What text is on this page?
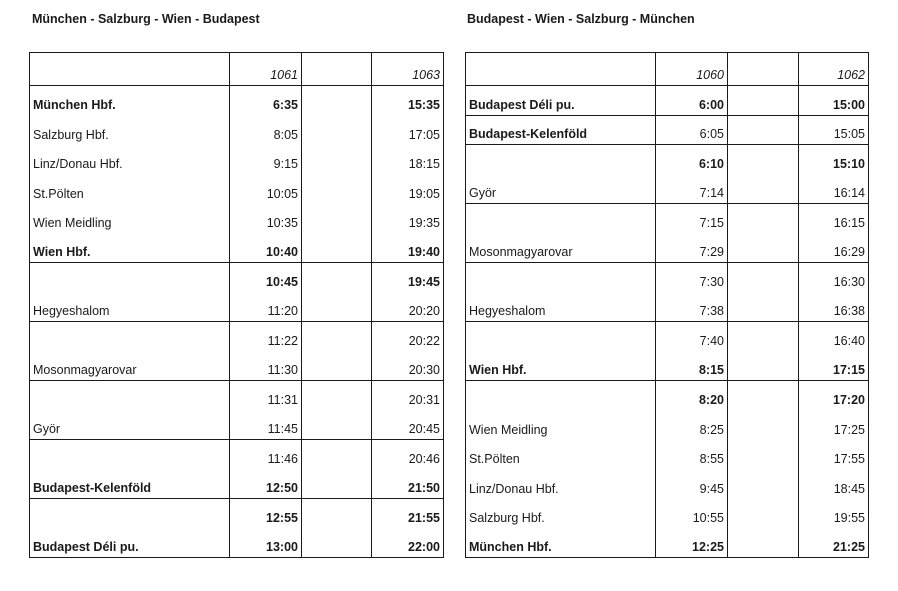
München - Salzburg - Wien - Budapest	Budapest - Wien - Salzburg - München
	1061		1063
München Hbf.	6:35		15:35
Salzburg Hbf.	8:05		17:05
Linz/Donau Hbf.	9:15		18:15
St.Pölten	10:05		19:05
Wien Meidling	10:35		19:35
Wien Hbf.	10:40		19:40
	10:45		19:45
Hegyeshalom	11:20		20:20
	11:22		20:22
Mosonmagyarovar	11:30		20:30
	11:31		20:31
Györ	11:45		20:45
	11:46		20:46
Budapest-Kelenföld	12:50		21:50
	12:55		21:55
Budapest Déli pu.	13:00		22:00
	1060		1062
Budapest Déli pu.	6:00		15:00
Budapest-Kelenföld	6:05		15:05
	6:10		15:10
Györ	7:14		16:14
	7:15		16:15
Mosonmagyarovar	7:29		16:29
	7:30		16:30
Hegyeshalom	7:38		16:38
	7:40		16:40
Wien Hbf.	8:15		17:15
	8:20		17:20
Wien Meidling	8:25		17:25
St.Pölten	8:55		17:55
Linz/Donau Hbf.	9:45		18:45
Salzburg Hbf.	10:55		19:55
München Hbf.	12:25		21:25
